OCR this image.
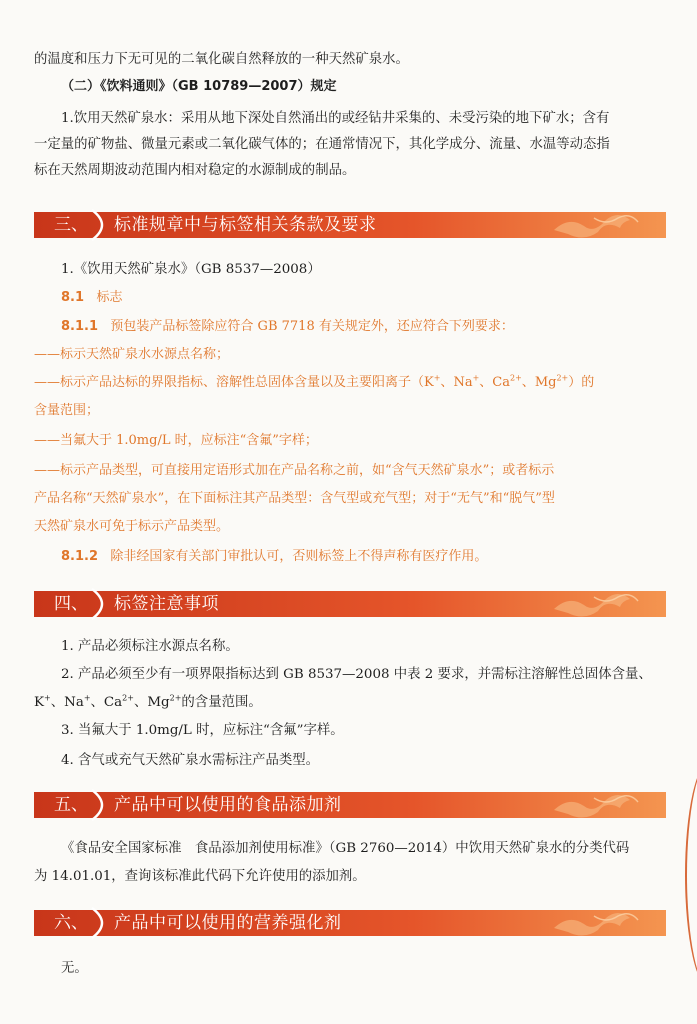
的温度和压力下无可见的二氧化碳自然释放的一种天然矿泉水。

（二）《饮料通则》（GB 10789—2007）规定

1.饮用天然矿泉水：采用从地下深处自然涌出的或经钻井采集的、未受污染的地下矿水；含有

一定量的矿物盐、微量元素或二氧化碳气体的；在通常情况下，其化学成分、流量、水温等动态指

标在天然周期波动范围内相对稳定的水源制成的制品。

三、 标准规章中与标签相关条款及要求

1.《饮用天然矿泉水》（GB 8537—2008）

8.1 标志

8.1.1 预包装产品标签除应符合 GB 7718 有关规定外，还应符合下列要求：

——标示天然矿泉水水源点名称；

——标示产品达标的界限指标、溶解性总固体含量以及主要阳离子（K+、Na+、$Ca^{2+}$、$Mg^{2+}$）的

含量范围；

——当氟大于 1.0mg/L 时，应标注“含氟”字样；

——标示产品类型，可直接用定语形式加在产品名称之前，如“含气天然矿泉水”；或者标示

产品名称“天然矿泉水”，在下面标注其产品类型：含气型或充气型；对于“无气”和“脱气”型

天然矿泉水可免于标示产品类型。

8.1.2 除非经国家有关部门审批认可，否则标签上不得声称有医疗作用。

四、 标签注意事项

1. 产品必须标注水源点名称。

2. 产品必须至少有一项界限指标达到 GB 8537—2008 中表 2 要求，并需标注溶解性总固体含量、

K+、Na+、$Ca^{2+}$、$Mg^{2+}$的含量范围。

3. 当氟大于 1.0mg/L 时，应标注“含氟”字样。

4. 含气或充气天然矿泉水需标注产品类型。

五、 产品中可以使用的食品添加剂

《食品安全国家标准　食品添加剂使用标准》（GB 2760—2014）中饮用天然矿泉水的分类代码

为 14.01.01，查询该标准此代码下允许使用的添加剂。

六、 产品中可以使用的营养强化剂

无。
